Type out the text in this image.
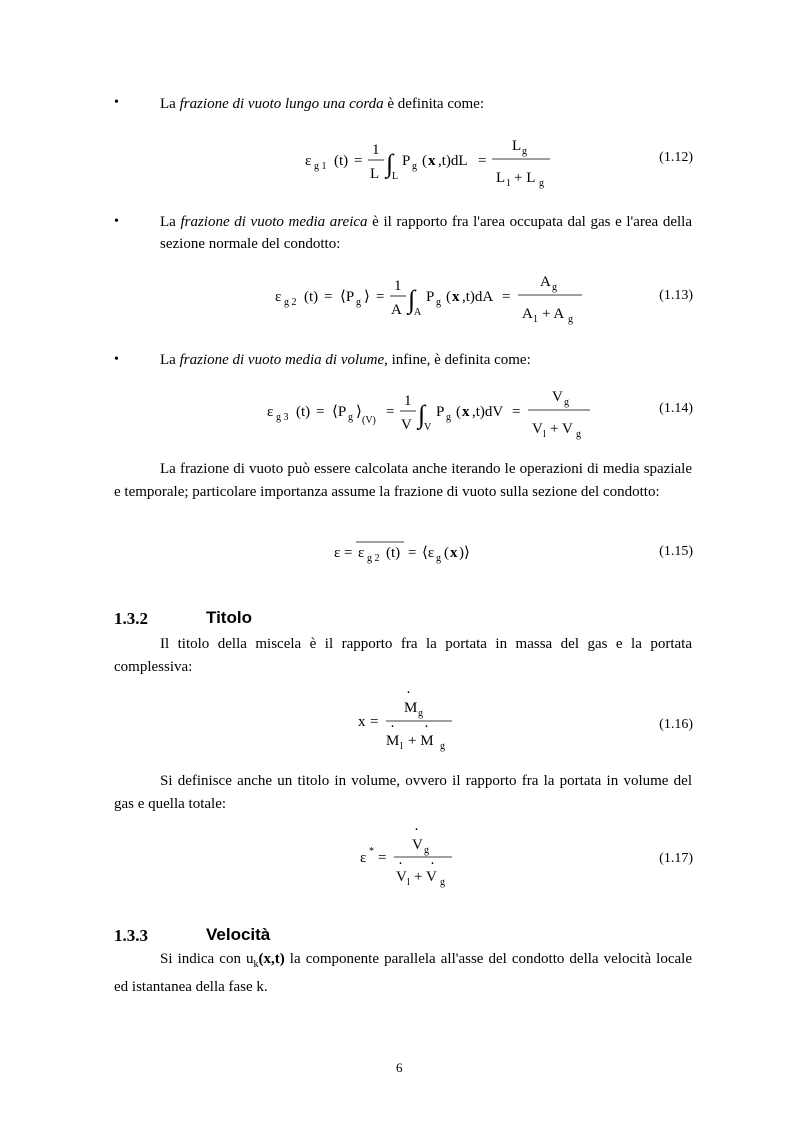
•	La frazione di vuoto lungo una corda è definita come:
ε g 1 (t) =
1
L ∫
L
P g ( x ,t)dL =
L g
L 1 + L g
(1.12)
•	La frazione di vuoto media areica è il rapporto fra l'area occupata dal gas e l'area della sezione normale del condotto:
ε g 2 (t) = ⟨P g ⟩ =
1
A ∫
A
P g ( x ,t)dA =
A g
A 1 + A g
(1.13)
•	La frazione di vuoto media di volume, infine, è definita come:
ε g 3 (t) = ⟨P g ⟩
(V)
=
1
V ∫
V
P g ( x ,t)dV =
V g
V l + V g
(1.14)
La frazione di vuoto può essere calcolata anche iterando le operazioni di media spaziale e temporale; particolare importanza assume la frazione di vuoto sulla sezione del condotto:
ε = ε g 2 (t) = ⟨ε g ( x )⟩	(1.15)
1.3.2	Titolo
Il titolo della miscela è il rapporto fra la portata in massa del gas e la portata complessiva:
x =
·
M g
·
M l + M g
·	(1.16)
Si definisce anche un titolo in volume, ovvero il rapporto fra la portata in volume del gas e quella totale:
ε * =
·
V g
·
V l + V g
·	(1.17)
1.3.3	Velocità
Si indica con $u_k(x,t)$ la componente parallela all'asse del condotto della velocità locale ed istantanea della fase k.
6
